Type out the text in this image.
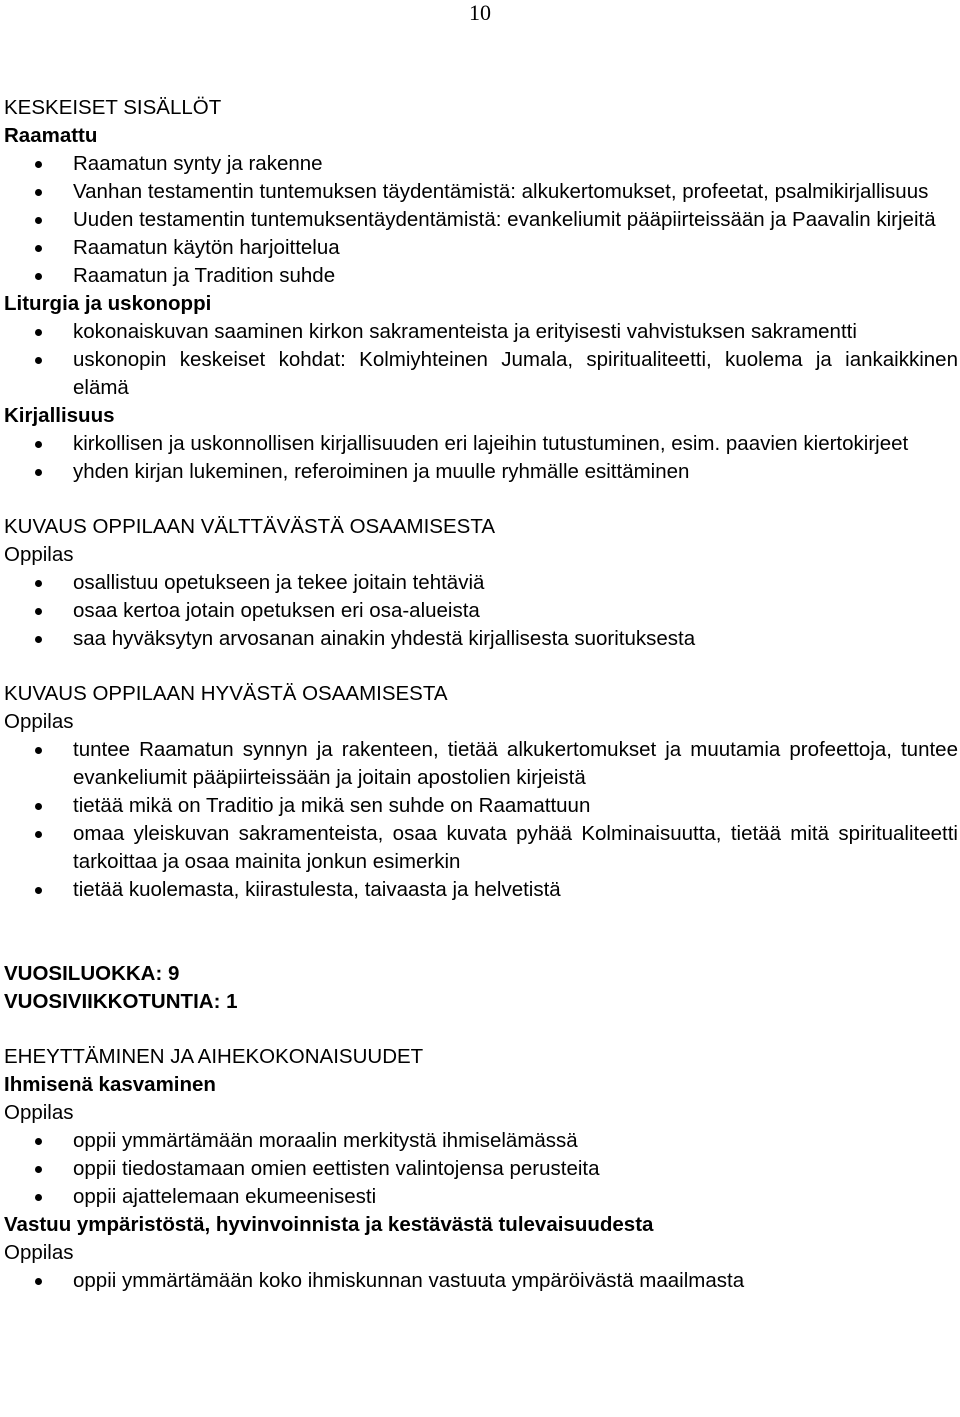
10

KESKEISET SISÄLLÖT

Raamattu

Raamatun synty ja rakenne
Vanhan testamentin tuntemuksen täydentämistä: alkukertomukset, profeetat, psalmikirjallisuus
Uuden testamentin tuntemuksentäydentämistä: evankeliumit pääpiirteissään ja Paavalin kirjeitä
Raamatun käytön harjoittelua
Raamatun ja Tradition suhde

Liturgia ja uskonoppi

kokonaiskuvan saaminen kirkon sakramenteista ja erityisesti vahvistuksen sakramentti
uskonopin keskeiset kohdat: Kolmiyhteinen Jumala, spiritualiteetti, kuolema ja iankaikkinen elämä

Kirjallisuus

kirkollisen ja uskonnollisen kirjallisuuden eri lajeihin tutustuminen, esim. paavien kiertokirjeet
yhden kirjan lukeminen, referoiminen ja muulle ryhmälle esittäminen

KUVAUS OPPILAAN VÄLTTÄVÄSTÄ OSAAMISESTA

Oppilas

osallistuu opetukseen ja tekee joitain tehtäviä
osaa kertoa jotain opetuksen eri osa-alueista
saa hyväksytyn arvosanan ainakin yhdestä kirjallisesta suorituksesta

KUVAUS OPPILAAN HYVÄSTÄ OSAAMISESTA

Oppilas

tuntee Raamatun synnyn ja rakenteen, tietää alkukertomukset ja muutamia profeettoja, tuntee evankeliumit pääpiirteissään ja joitain apostolien kirjeistä
tietää mikä on Traditio ja mikä sen suhde on Raamattuun
omaa yleiskuvan sakramenteista, osaa kuvata pyhää Kolminaisuutta, tietää mitä spiritualiteetti tarkoittaa ja osaa mainita jonkun esimerkin
tietää kuolemasta, kiirastulesta, taivaasta ja helvetistä

VUOSILUOKKA: 9

VUOSIVIIKKOTUNTIA: 1

EHEYTTÄMINEN JA AIHEKOKONAISUUDET

Ihmisenä kasvaminen

Oppilas

oppii ymmärtämään moraalin merkitystä ihmiselämässä
oppii tiedostamaan omien eettisten valintojensa perusteita
oppii ajattelemaan ekumeenisesti

Vastuu ympäristöstä, hyvinvoinnista ja kestävästä tulevaisuudesta

Oppilas

oppii ymmärtämään koko ihmiskunnan vastuuta ympäröivästä maailmasta
